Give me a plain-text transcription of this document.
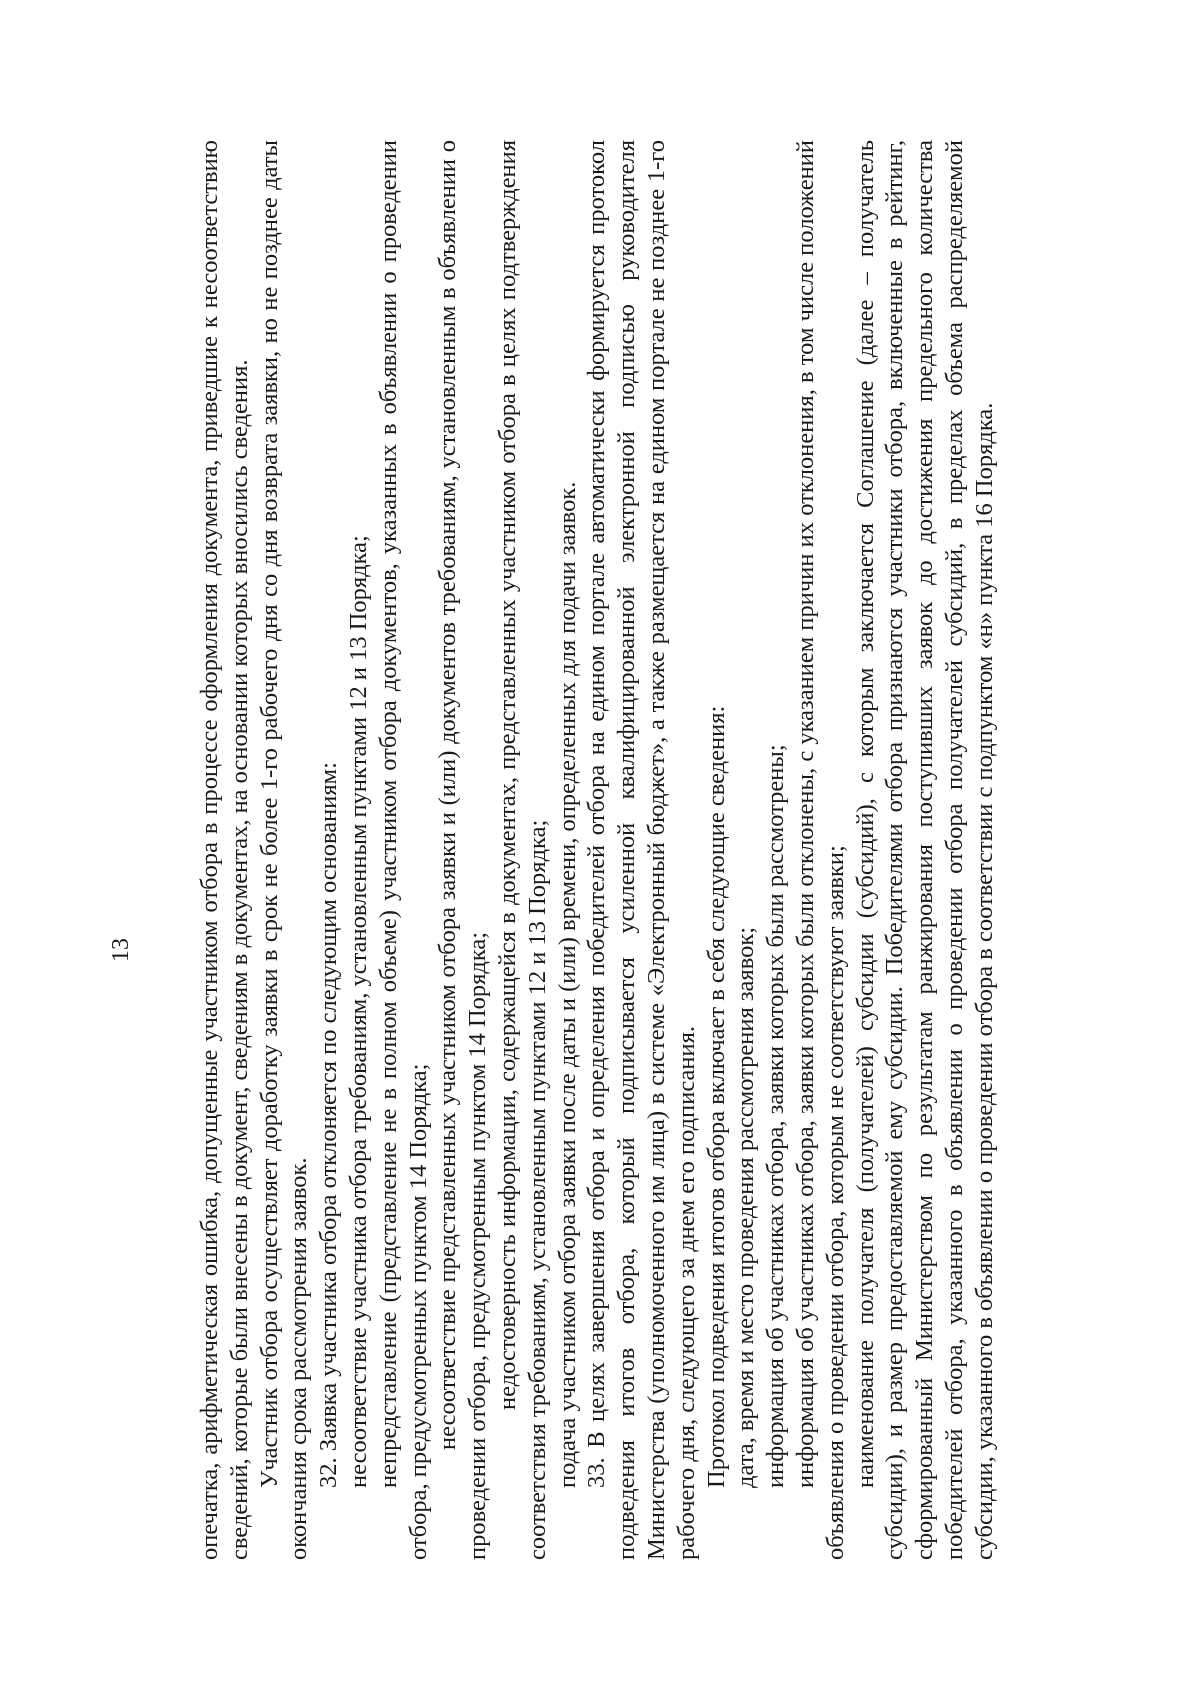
13	опечатка, арифметическая ошибка, допущенные участником отбора в процессе оформления документа, приведшие к несоответствию сведений, которые были внесены в документ, сведениям в документах, на основании которых вносились сведения. Участник отбора осуществляет доработку заявки в срок не более 1-го рабочего дня со дня возврата заявки, но не позднее даты окончания срока рассмотрения заявок. 32. Заявка участника отбора отклоняется по следующим основаниям: несоответствие участника отбора требованиям, установленным пунктами 12 и 13 Порядка; непредставление (представление не в полном объеме) участником отбора документов, указанных в объявлении о проведении отбора, предусмотренных пунктом 14 Порядка; несоответствие представленных участником отбора заявки и (или) документов требованиям, установленным в объявлении о проведении отбора, предусмотренным пунктом 14 Порядка; недостоверность информации, содержащейся в документах, представленных участником отбора в целях подтверждения соответствия требованиям, установленным пунктами 12 и 13 Порядка; подача участником отбора заявки после даты и (или) времени, определенных для подачи заявок. 33. В целях завершения отбора и определения победителей отбора на едином портале автоматически формируется протокол подведения итогов отбора, который подписывается усиленной квалифицированной электронной подписью руководителя Министерства (уполномоченного им лица) в системе «Электронный бюджет», а также размещается на едином портале не позднее 1-го рабочего дня, следующего за днем его подписания. Протокол подведения итогов отбора включает в себя следующие сведения: дата, время и место проведения рассмотрения заявок; информация об участниках отбора, заявки которых были рассмотрены; информация об участниках отбора, заявки которых были отклонены, с указанием причин их отклонения, в том числе положений объявления о проведении отбора, которым не соответствуют заявки; наименование получателя (получателей) субсидии (субсидий), с которым заключается Соглашение (далее – получатель субсидии), и размер предоставляемой ему субсидии. Победителями отбора признаются участники отбора, включенные в рейтинг, сформированный Министерством по результатам ранжирования поступивших заявок до достижения предельного количества победителей отбора, указанного в объявлении о проведении отбора получателей субсидий, в пределах объема распределяемой субсидии, указанного в объявлении о проведении отбора в соответствии с подпунктом «н» пункта 16 Порядка.
